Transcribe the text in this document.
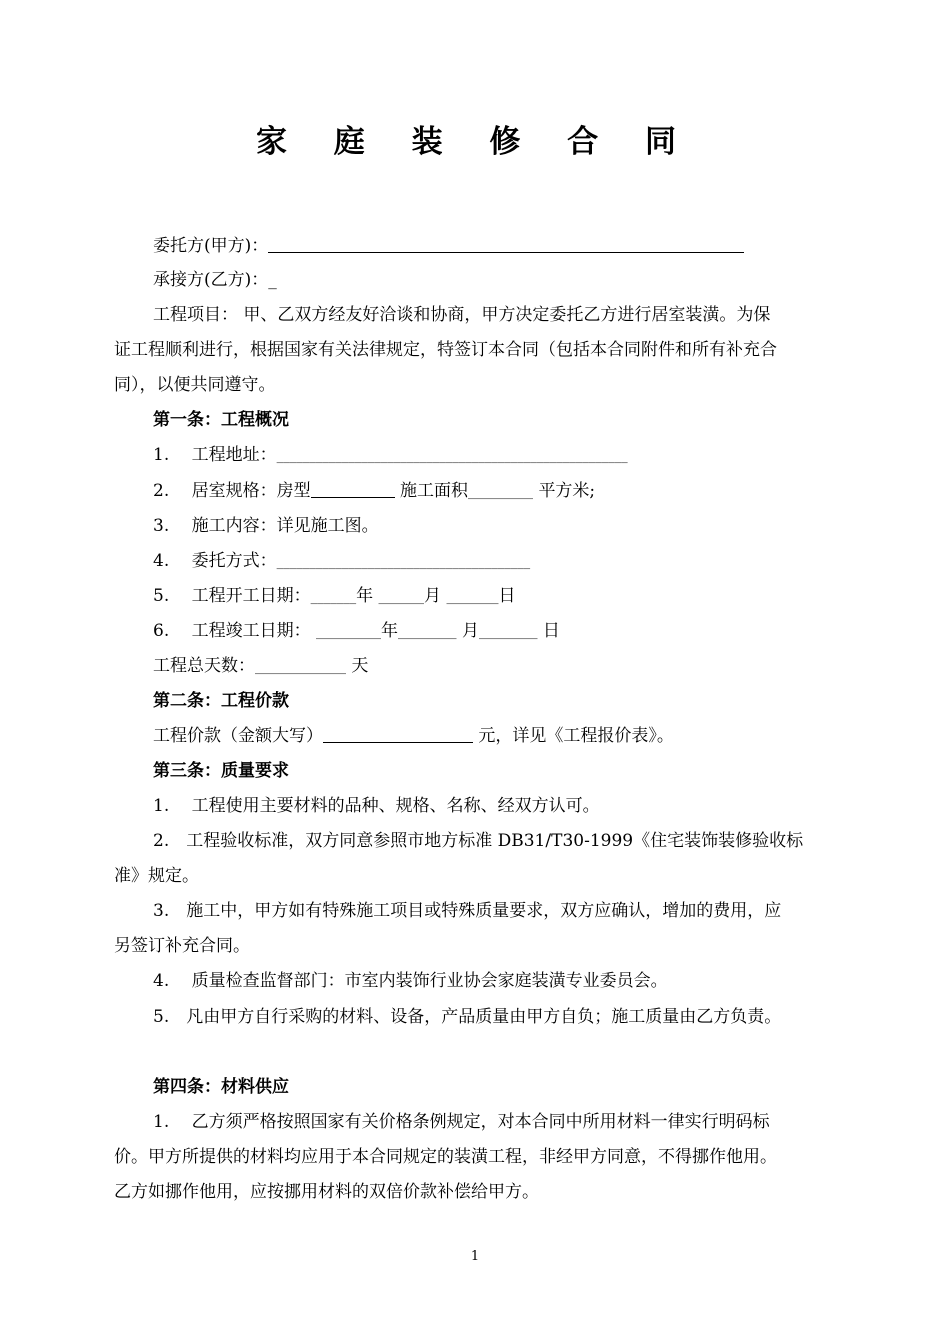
家 庭 装 修 合 同
委托方(甲方)：
承接方(乙方)：_
工程项目： 甲、乙双方经友好洽谈和协商，甲方决定委托乙方进行居室装潢。为保
证工程顺利进行，根据国家有关法律规定，特签订本合同（包括本合同附件和所有补充合
同），以便共同遵守。
第一条：工程概况
1.　 工程地址：______________________________________________________
2.　 居室规格：房型	施工面积__________ 平方米;
3.　 施工内容：详见施工图。
4.　 委托方式：_______________________________________
5.　 工程开工日期：_______年 _______月 ________日
6.　 工程竣工日期： __________年_________ 月_________ 日
工程总天数：______________ 天
第二条：工程价款
工程价款（金额大写）	元，详见《工程报价表》。
第三条：质量要求
1.　 工程使用主要材料的品种、规格、名称、经双方认可。
2.　工程验收标准，双方同意参照市地方标准 DB31/T30-1999《住宅装饰装修验收标
准》规定。
3.　施工中，甲方如有特殊施工项目或特殊质量要求，双方应确认，增加的费用，应
另签订补充合同。
4.　 质量检查监督部门：市室内装饰行业协会家庭装潢专业委员会。
5.　凡由甲方自行采购的材料、设备，产品质量由甲方自负；施工质量由乙方负责。
第四条：材料供应
1.　 乙方须严格按照国家有关价格条例规定，对本合同中所用材料一律实行明码标
价。甲方所提供的材料均应用于本合同规定的装潢工程，非经甲方同意，不得挪作他用。
乙方如挪作他用，应按挪用材料的双倍价款补偿给甲方。
1
